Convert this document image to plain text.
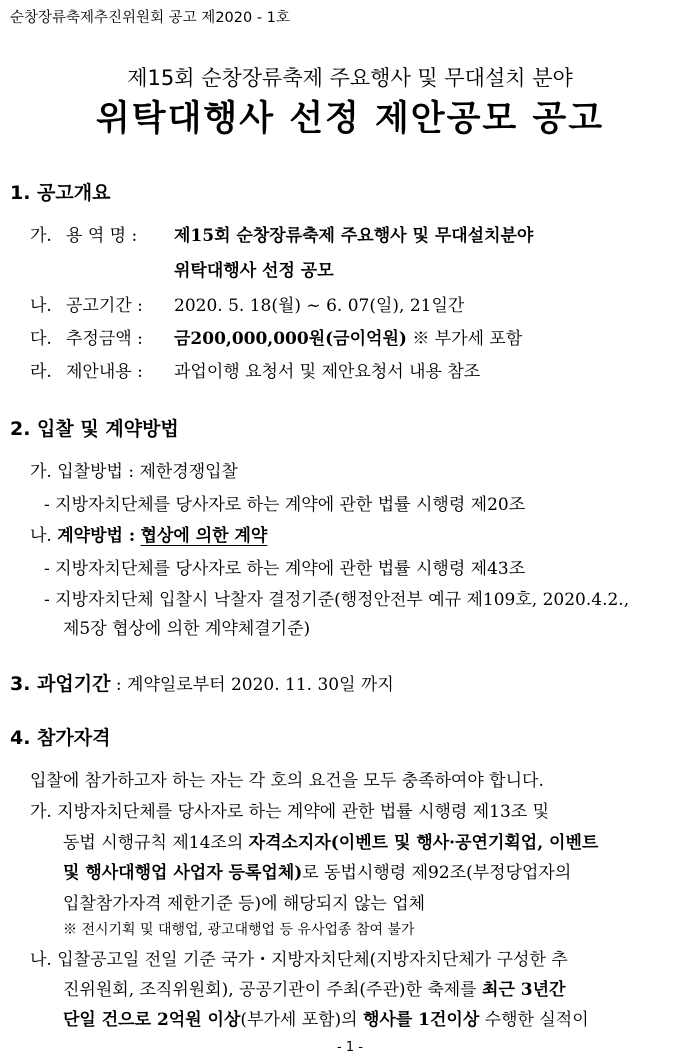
순창장류축제추진위원회 공고 제2020 - 1호
제15회 순창장류축제 주요행사 및 무대설치 분야
위탁대행사 선정 제안공모 공고
1. 공고개요
가. 용 역 명 : 제15회 순창장류축제 주요행사 및 무대설치분야
위탁대행사 선정 공모
나. 공고기간 : 2020. 5. 18(월) ~ 6. 07(일), 21일간
다. 추정금액 : 금200,000,000원(금이억원) ※ 부가세 포함
라. 제안내용 : 과업이행 요청서 및 제안요청서 내용 참조
2. 입찰 및 계약방법
가. 입찰방법 : 제한경쟁입찰
- 지방자치단체를 당사자로 하는 계약에 관한 법률 시행령 제20조
나. 계약방법 : 협상에 의한 계약
- 지방자치단체를 당사자로 하는 계약에 관한 법률 시행령 제43조
- 지방자치단체 입찰시 낙찰자 결정기준(행정안전부 예규 제109호, 2020.4.2.,
제5장 협상에 의한 계약체결기준)
3. 과업기간 : 계약일로부터 2020. 11. 30일 까지
4. 참가자격
입찰에 참가하고자 하는 자는 각 호의 요건을 모두 충족하여야 합니다.
가. 지방자치단체를 당사자로 하는 계약에 관한 법률 시행령 제13조 및
동법 시행규칙 제14조의 자격소지자(이벤트 및 행사·공연기획업, 이벤트
및 행사대행업 사업자 등록업체)로 동법시행령 제92조(부정당업자의
입찰참가자격 제한기준 등)에 해당되지 않는 업체
※ 전시기획 및 대행업, 광고대행업 등 유사업종 참여 불가
나. 입찰공고일 전일 기준 국가・지방자치단체(지방자치단체가 구성한 추
진위원회, 조직위원회), 공공기관이 주최(주관)한 축제를 최근 3년간
단일 건으로 2억원 이상(부가세 포함)의 행사를 1건이상 수행한 실적이
- 1 -
